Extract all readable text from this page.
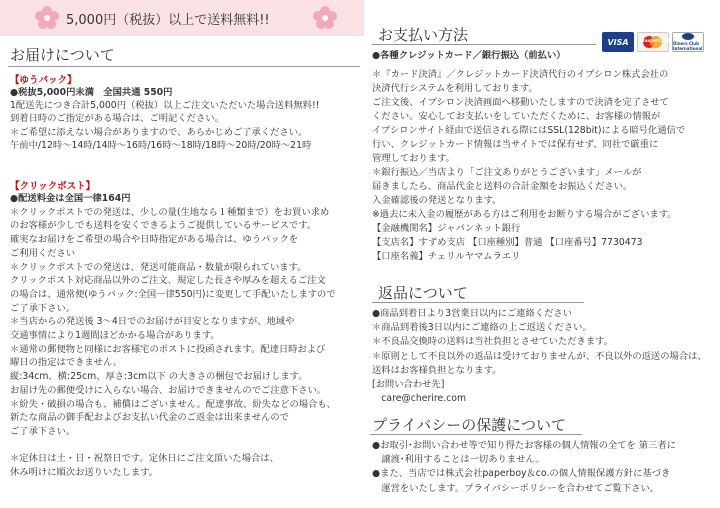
5,000円（税抜）以上で送料無料!!
お届けについて
【ゆうパック】
●税抜5,000円未満　全国共通 550円
1配送先につき合計5,000円（税抜）以上ご注文いただいた場合送料無料!!
到着日時のご指定がある場合は、ご明記ください。
＊ご希望に添えない場合がありますので、あらかじめご了承ください。
午前中/12時〜14時/14時〜16時/16時〜18時/18時〜20時/20時〜21時
【クリックポスト】
●配送料金は全国一律164円
＊クリックポストでの発送は、少しの量(生地なら１種類まで）をお買い求め
のお客様が少しでも送料を安くできるようご提供しているサービスです。
確実なお届けをご希望の場合や日時指定がある場合は、ゆうパックを
ご利用ください
＊クリックポストでの発送は、発送可能商品・数量が限られています。
クリックポスト対応商品以外のご注文、規定した長さや厚みを超えるご注文
の場合は、通常便(ゆうパック:全国一律550円)に変更して手配いたしますので
ご了承下さい。
＊当店からの発送後 3〜4日でのお届けが目安となりますが、地域や
交通事情により1週間ほどかかる場合があります。
＊通常の郵便物と同様にお客様宅のポストに投函されます。配達日時および
曜日の指定はできません。
縦:34cm、横:25cm、厚さ:3cm以下 の大きさの梱包でお届けします。
お届け先の郵便受けに入らない場合、お届けできませんのでご注意下さい。
＊紛失・破損の場合も、補償はございません。配達事故、紛失などの場合も、
新たな商品の御手配およびお支払い代金のご返金は出来ませんので
ご了承下さい。
＊定休日は土・日・祝祭日です。定休日にご注文頂いた場合は、
休み明けに順次お送りいたします。
お支払い方法	VISA	MasterCard Diners Club International
●各種クレジットカード／銀行振込（前払い）
＊『カード決済』／クレジットカード決済代行のイプシロン株式会社の
決済代行システムを利用しております。
ご注文後、イプシロン決済画面へ移動いたしますので決済を完了させて
ください。安心してお支払いをしていただくために、お客様の情報が
イプシロンサイト経由で送信される際にはSSL(128bit)による暗号化通信で
行い、クレジットカード情報は当サイトでは保有せず、同社で厳重に
管理しております。
＊銀行振込／当店より「ご注文ありがとうございます」メールが
届きましたら、商品代金と送料の合計金額をお振込ください。
入金確認後の発送となります。
※過去に未入金の履歴がある方はご利用をお断りする場合がございます。
【金融機関名】ジャパンネット銀行
【支店名】すずめ支店 【口座種別】普通 【口座番号】7730473
【口座名義】チェリルヤマムラエリ
返品について
●商品到着日より3営業日以内にご連絡ください
＊商品到着後3日以内にご連絡の上ご返送ください。
＊不良品交換時の送料は当社負担とさせていただきます。
＊原則として不良以外の返品は受けておりませんが、不良以外の返送の場合は、
送料はお客様負担となります。
[お問い合わせ先]
　care@cherire.com
プライバシーの保護について
●お取引･お問い合わせ等で知り得たお客様の個人情報の全てを 第三者に
　譲渡･利用することは一切ありません。
●また、当店では株式会社paperboy＆co.の個人情報保護方針に基づき
　運営をいたします。プライバシーポリシーを合わせてご覧下さい。
